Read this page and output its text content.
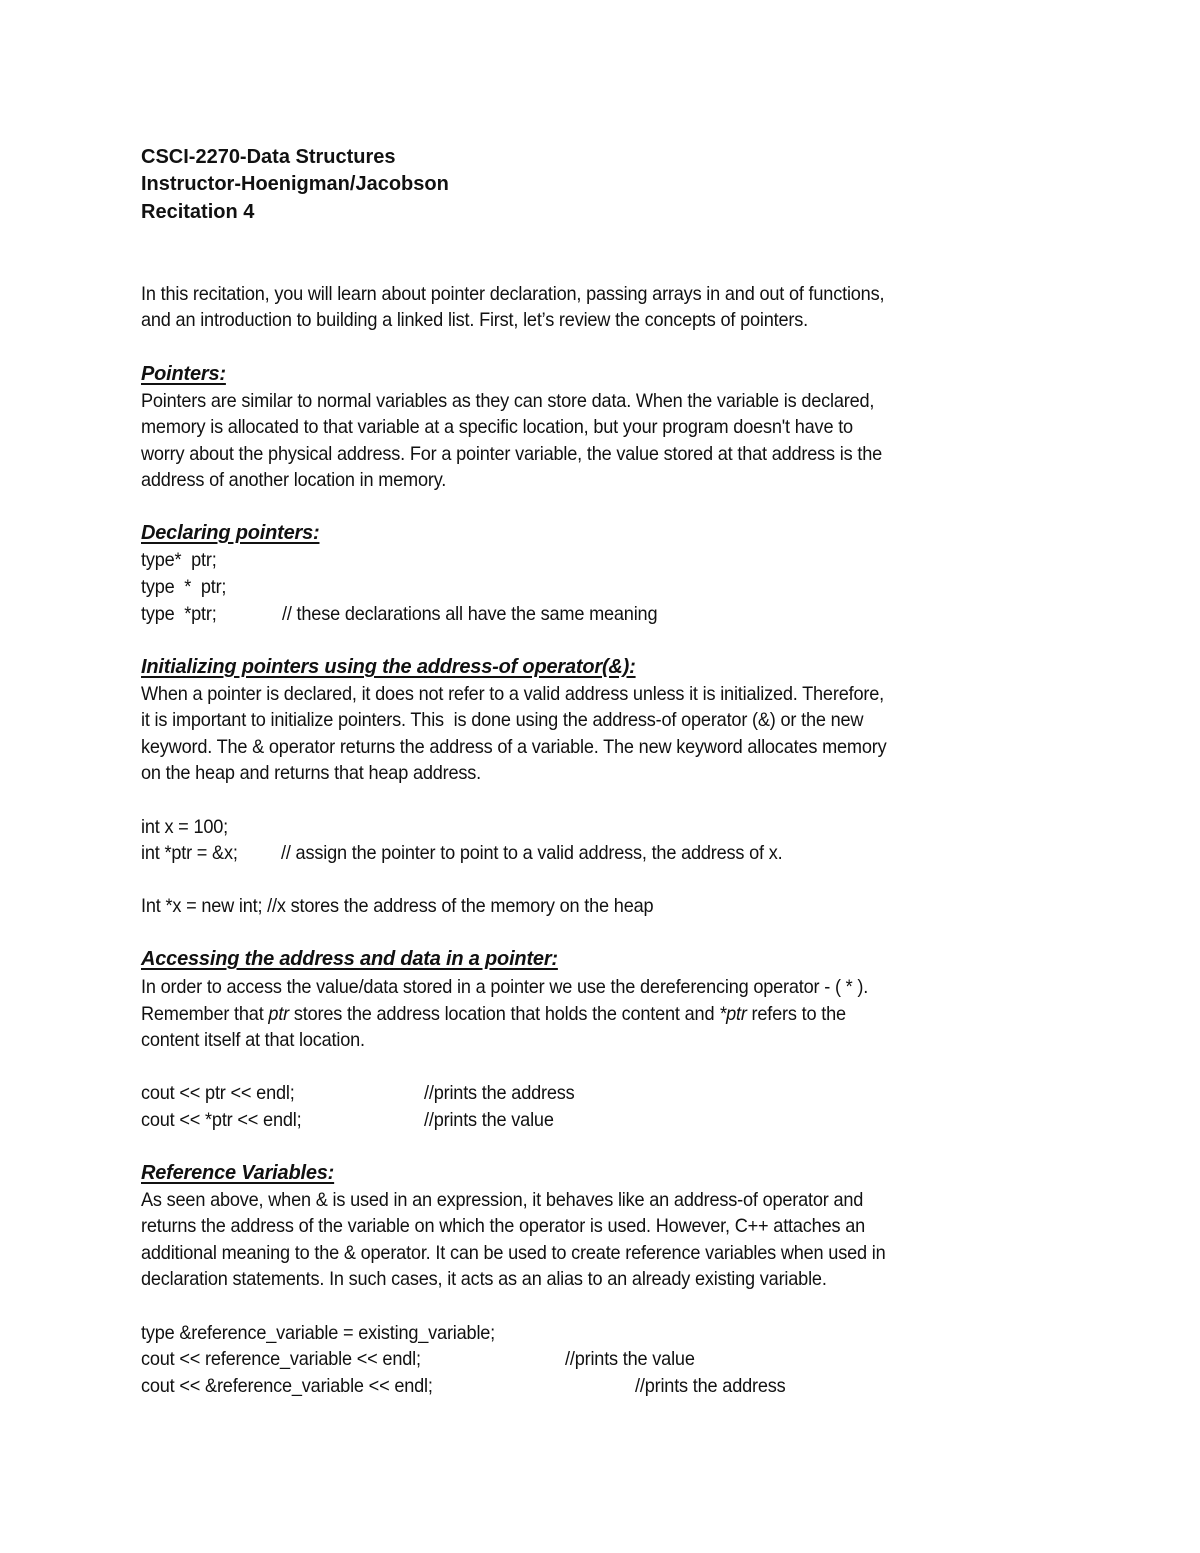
CSCI-2270-Data Structures
Instructor-Hoenigman/Jacobson
Recitation 4
In this recitation, you will learn about pointer declaration, passing arrays in and out of functions,
and an introduction to building a linked list. First, let’s review the concepts of pointers.
Pointers:
Pointers are similar to normal variables as they can store data. When the variable is declared,
memory is allocated to that variable at a specific location, but your program doesn't have to
worry about the physical address. For a pointer variable, the value stored at that address is the
address of another location in memory.
Declaring pointers:
type*  ptr;
type  *  ptr;
type  *ptr;	// these declarations all have the same meaning
Initializing pointers using the address-of operator(&):
When a pointer is declared, it does not refer to a valid address unless it is initialized. Therefore,
it is important to initialize pointers. This  is done using the address-of operator (&) or the new
keyword. The & operator returns the address of a variable. The new keyword allocates memory
on the heap and returns that heap address.
int x = 100;
int *ptr = &x; // assign the pointer to point to a valid address, the address of x.
Int *x = new int; //x stores the address of the memory on the heap
Accessing the address and data in a pointer:
In order to access the value/data stored in a pointer we use the dereferencing operator - ( * ).
Remember that ptr stores the address location that holds the content and *ptr refers to the
content itself at that location.
cout << ptr << endl;	//prints the address
cout << *ptr << endl;	//prints the value
Reference Variables:
As seen above, when & is used in an expression, it behaves like an address-of operator and
returns the address of the variable on which the operator is used. However, C++ attaches an
additional meaning to the & operator. It can be used to create reference variables when used in
declaration statements. In such cases, it acts as an alias to an already existing variable.
type &reference_variable = existing_variable;
cout << reference_variable << endl;	//prints the value
cout << &reference_variable << endl;	//prints the address
